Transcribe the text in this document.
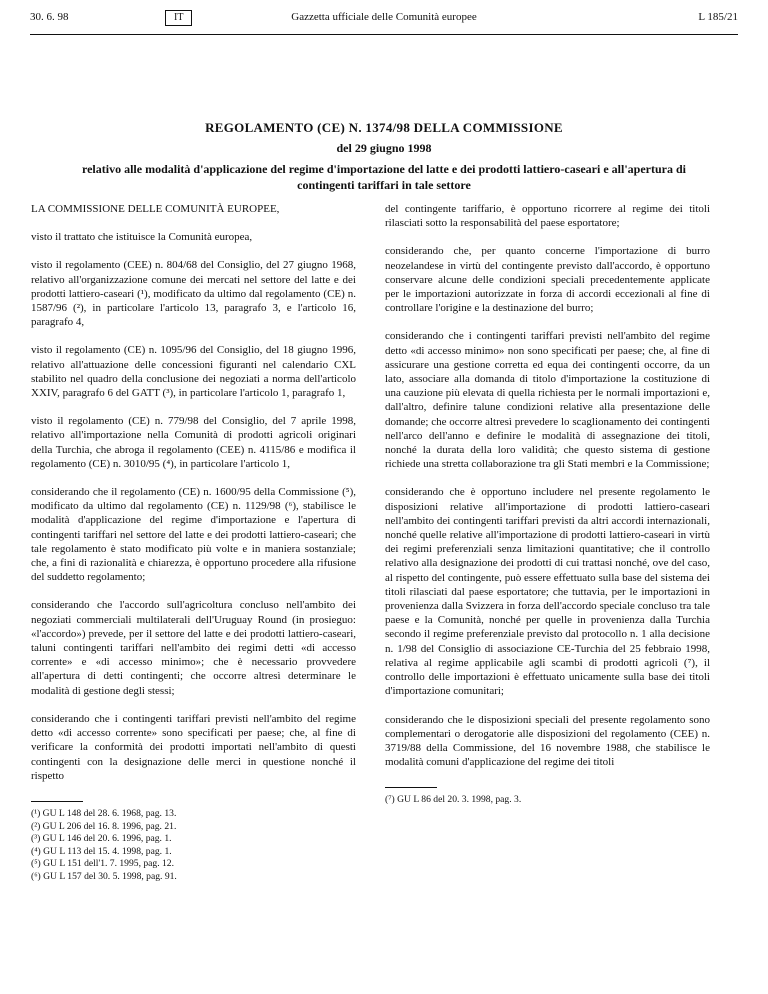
30. 6. 98	IT	Gazzetta ufficiale delle Comunità europee	L 185/21
REGOLAMENTO (CE) N. 1374/98 DELLA COMMISSIONE
del 29 giugno 1998
relativo alle modalità d'applicazione del regime d'importazione del latte e dei prodotti lattiero-caseari e all'apertura di contingenti tariffari in tale settore

LA COMMISSIONE DELLE COMUNITÀ EUROPEE,

visto il trattato che istituisce la Comunità europea,

visto il regolamento (CEE) n. 804/68 del Consiglio, del 27 giugno 1968, relativo all'organizzazione comune dei mercati nel settore del latte e dei prodotti lattiero-caseari (¹), modificato da ultimo dal regolamento (CE) n. 1587/96 (²), in particolare l'articolo 13, paragrafo 3, e l'articolo 16, paragrafo 4,

visto il regolamento (CE) n. 1095/96 del Consiglio, del 18 giugno 1996, relativo all'attuazione delle concessioni figuranti nel calendario CXL stabilito nel quadro della conclusione dei negoziati a norma dell'articolo XXIV, paragrafo 6 del GATT (³), in particolare l'articolo 1, paragrafo 1,

visto il regolamento (CE) n. 779/98 del Consiglio, del 7 aprile 1998, relativo all'importazione nella Comunità di prodotti agricoli originari della Turchia, che abroga il regolamento (CEE) n. 4115/86 e modifica il regolamento (CE) n. 3010/95 (⁴), in particolare l'articolo 1,

considerando che il regolamento (CE) n. 1600/95 della Commissione (⁵), modificato da ultimo dal regolamento (CE) n. 1129/98 (⁶), stabilisce le modalità d'applicazione del regime d'importazione e l'apertura di contingenti tariffari nel settore del latte e dei prodotti lattiero-caseari; che tale regolamento è stato modificato più volte e in maniera sostanziale; che, a fini di razionalità e chiarezza, è opportuno procedere alla rifusione del suddetto regolamento;

considerando che l'accordo sull'agricoltura concluso nell'ambito dei negoziati commerciali multilaterali dell'Uruguay Round (in prosieguo: «l'accordo») prevede, per il settore del latte e dei prodotti lattiero-caseari, taluni contingenti tariffari nell'ambito dei regimi detti «di accesso corrente» e «di accesso minimo»; che è necessario provvedere all'apertura di detti contingenti; che occorre altresì determinare le modalità di gestione degli stessi;

considerando che i contingenti tariffari previsti nell'ambito del regime detto «di accesso corrente» sono specificati per paese; che, al fine di verificare la conformità dei prodotti importati nell'ambito di questi contingenti con la designazione delle merci in questione nonché il rispetto

(¹) GU L 148 del 28. 6. 1968, pag. 13.
(²) GU L 206 del 16. 8. 1996, pag. 21.
(³) GU L 146 del 20. 6. 1996, pag. 1.
(⁴) GU L 113 del 15. 4. 1998, pag. 1.
(⁵) GU L 151 dell'1. 7. 1995, pag. 12.
(⁶) GU L 157 del 30. 5. 1998, pag. 91.

del contingente tariffario, è opportuno ricorrere al regime dei titoli rilasciati sotto la responsabilità del paese esportatore;

considerando che, per quanto concerne l'importazione di burro neozelandese in virtù del contingente previsto dall'accordo, è opportuno conservare alcune delle condizioni speciali precedentemente applicate per le importazioni autorizzate in forza di accordi eccezionali al fine di controllare l'origine e la destinazione del burro;

considerando che i contingenti tariffari previsti nell'ambito del regime detto «di accesso minimo» non sono specificati per paese; che, al fine di assicurare una gestione corretta ed equa dei contingenti occorre, da un lato, associare alla domanda di titolo d'importazione la costituzione di una cauzione più elevata di quella richiesta per le normali importazioni e, dall'altro, definire talune condizioni relative alla presentazione delle domande; che occorre altresì prevedere lo scaglionamento dei contingenti nell'arco dell'anno e definire le modalità di assegnazione dei titoli, nonché la durata della loro validità; che questo sistema di gestione richiede una stretta collaborazione tra gli Stati membri e la Commissione;

considerando che è opportuno includere nel presente regolamento le disposizioni relative all'importazione di prodotti lattiero-caseari nell'ambito dei contingenti tariffari previsti da altri accordi internazionali, nonché quelle relative all'importazione di prodotti lattiero-caseari in virtù dei regimi preferenziali senza limitazioni quantitative; che il controllo relativo alla designazione dei prodotti di cui trattasi nonché, ove del caso, al rispetto del contingente, può essere effettuato sulla base del sistema dei titoli rilasciati dal paese esportatore; che tuttavia, per le importazioni in provenienza dalla Svizzera in forza dell'accordo speciale concluso tra tale paese e la Comunità, nonché per quelle in provenienza dalla Turchia secondo il regime preferenziale previsto dal protocollo n. 1 alla decisione n. 1/98 del Consiglio di associazione CE-Turchia del 25 febbraio 1998, relativa al regime applicabile agli scambi di prodotti agricoli (⁷), il controllo delle importazioni è effettuato unicamente sulla base dei titoli d'importazione comunitari;

considerando che le disposizioni speciali del presente regolamento sono complementari o derogatorie alle disposizioni del regolamento (CEE) n. 3719/88 della Commissione, del 16 novembre 1988, che stabilisce le modalità comuni d'applicazione del regime dei titoli

(⁷) GU L 86 del 20. 3. 1998, pag. 3.
